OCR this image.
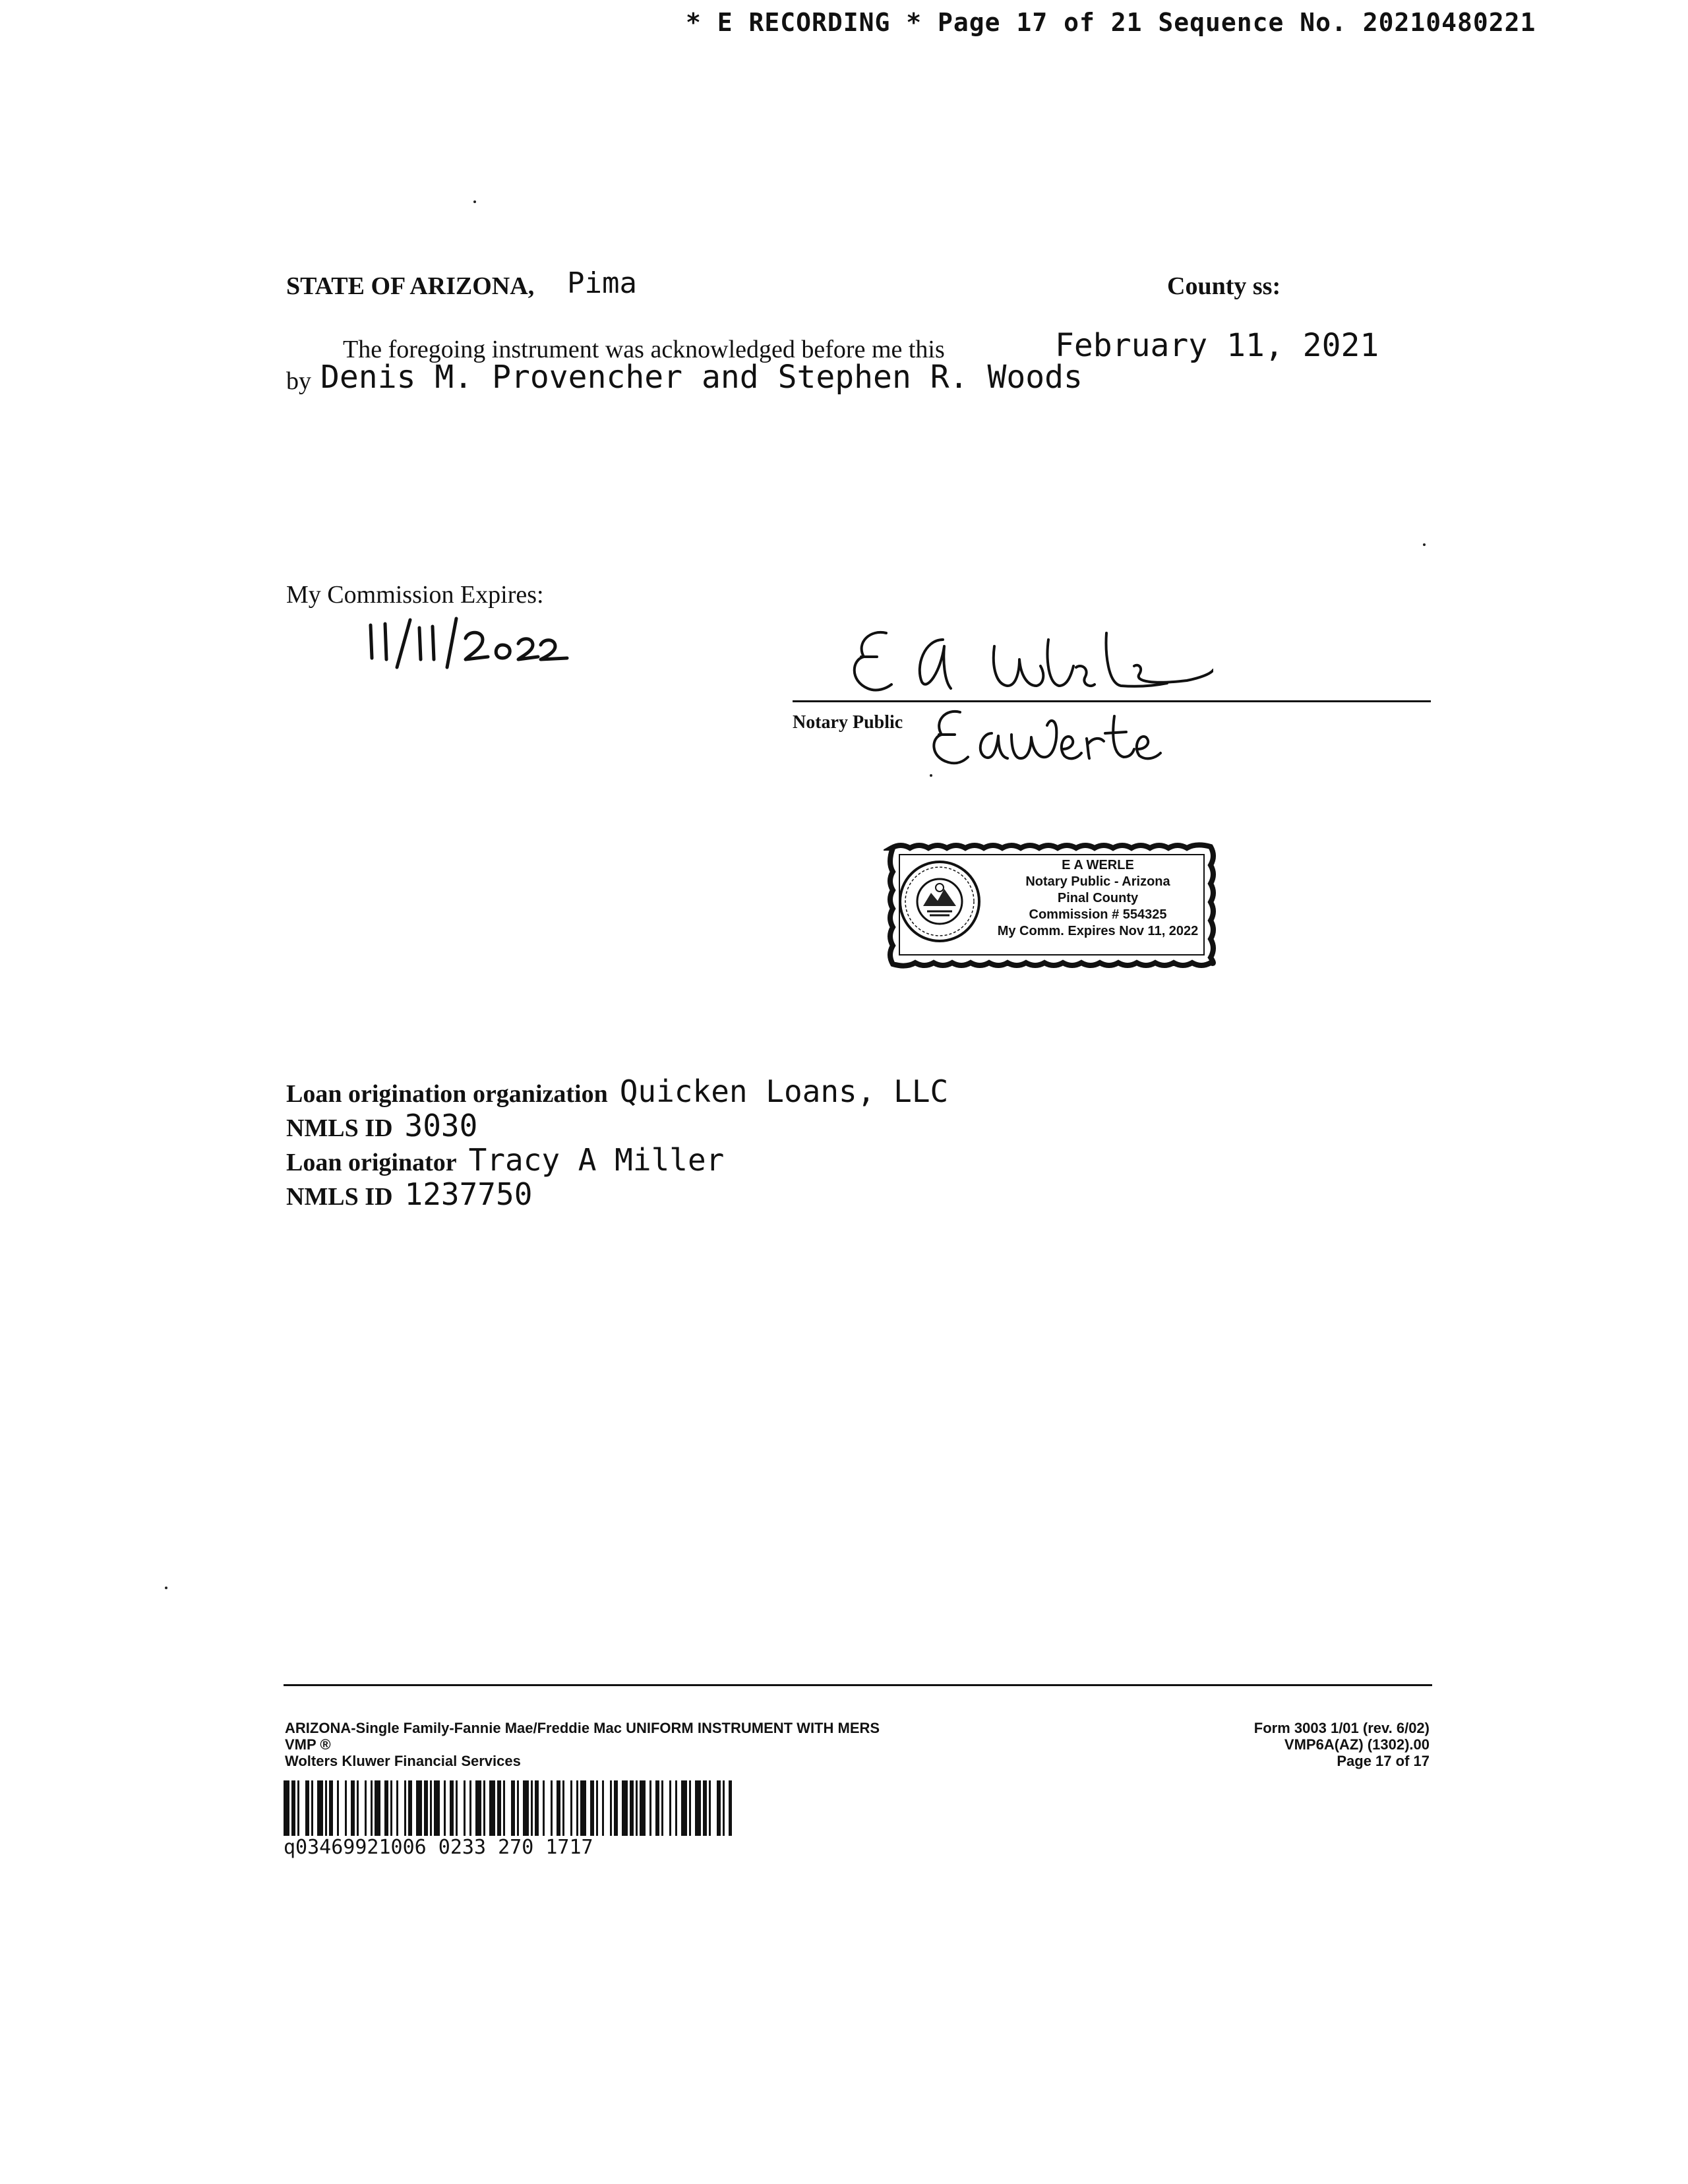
* E RECORDING * Page 17 of 21 Sequence No. 20210480221
STATE OF ARIZONA, Pima	County ss:
The foregoing instrument was acknowledged before me this	February 11, 2021
by Denis M. Provencher and Stephen R. Woods
My Commission Expires:
Notary Public
E A WERLE
Notary Public - Arizona
Pinal County
Commission # 554325
My Comm. Expires Nov 11, 2022
Loan origination organization Quicken Loans, LLC
NMLS ID 3030
Loan originator Tracy A Miller
NMLS ID 1237750
ARIZONA-Single Family-Fannie Mae/Freddie Mac UNIFORM INSTRUMENT WITH MERS
VMP ®
Wolters Kluwer Financial Services
Form 3003 1/01 (rev. 6/02)
VMP6A(AZ) (1302).00
Page 17 of 17
q03469921006 0233 270 1717
